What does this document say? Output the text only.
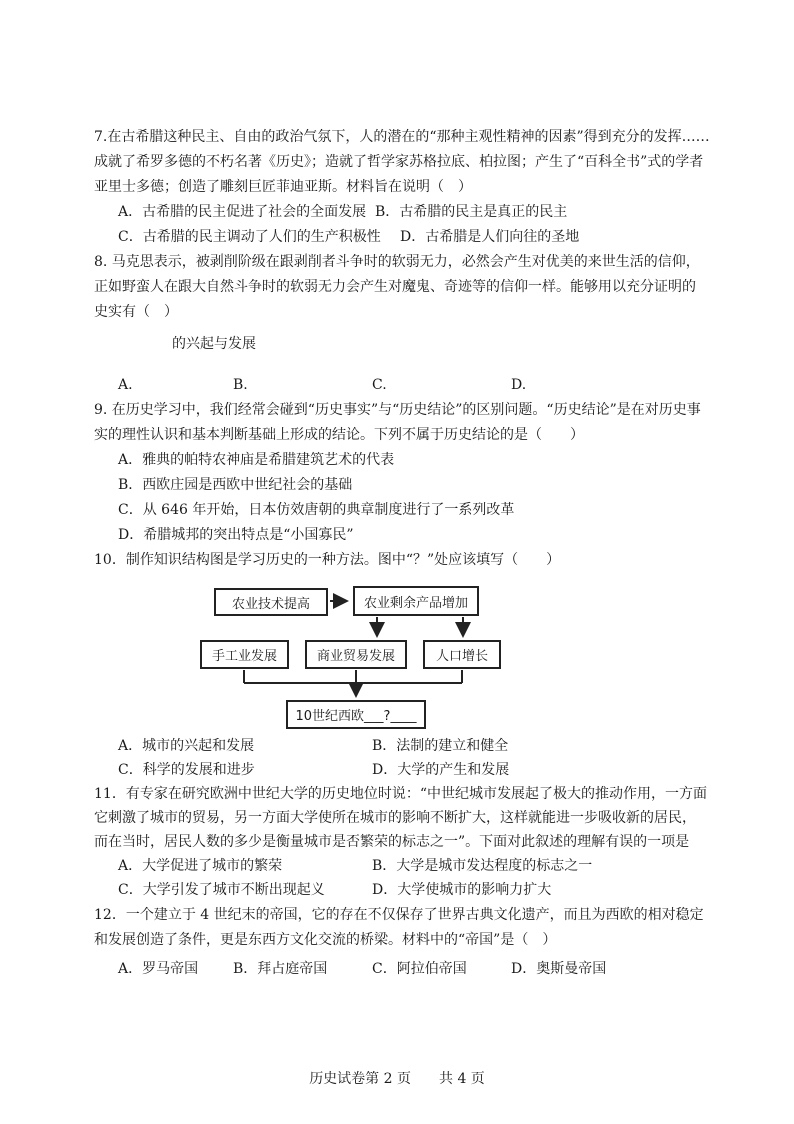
7.在古希腊这种民主、自由的政治气氛下，人的潜在的“那种主观性精神的因素”得到充分的发挥……
成就了希罗多德的不朽名著《历史》；造就了哲学家苏格拉底、柏拉图；产生了“百科全书”式的学者
亚里士多德；创造了雕刻巨匠菲迪亚斯。材料旨在说明（　）
A．古希腊的民主促进了社会的全面发展 B．古希腊的民主是真正的民主
C．古希腊的民主调动了人们的生产积极性 D．古希腊是人们向往的圣地
8. 马克思表示，被剥削阶级在跟剥削者斗争时的软弱无力，必然会产生对优美的来世生活的信仰，
正如野蛮人在跟大自然斗争时的软弱无力会产生对魔鬼、奇迹等的信仰一样。能够用以充分证明的
史实有（　）
的兴起与发展
A.	B.	C.	D.
9. 在历史学习中，我们经常会碰到“历史事实”与“历史结论”的区别问题。“历史结论”是在对历史事
实的理性认识和基本判断基础上形成的结论。下列不属于历史结论的是（　　）
A．雅典的帕特农神庙是希腊建筑艺术的代表
B．西欧庄园是西欧中世纪社会的基础
C．从 646 年开始，日本仿效唐朝的典章制度进行了一系列改革
D．希腊城邦的突出特点是“小国寡民”
10．制作知识结构图是学习历史的一种方法。图中“？”处应该填写（　　）
农业技术提高	农业剩余产品增加
手工业发展	商业贸易发展	人口增长
10世纪西欧___?____
A．城市的兴起和发展	B．法制的建立和健全
C．科学的发展和进步	D．大学的产生和发展
11．有专家在研究欧洲中世纪大学的历史地位时说：“中世纪城市发展起了极大的推动作用，一方面
它刺激了城市的贸易，另一方面大学使所在城市的影响不断扩大，这样就能进一步吸收新的居民，
而在当时，居民人数的多少是衡量城市是否繁荣的标志之一”。下面对此叙述的理解有误的一项是
A．大学促进了城市的繁荣	B．大学是城市发达程度的标志之一
C．大学引发了城市不断出现起义	D．大学使城市的影响力扩大
12．一个建立于 4 世纪末的帝国，它的存在不仅保存了世界古典文化遗产，而且为西欧的相对稳定
和发展创造了条件，更是东西方文化交流的桥梁。材料中的“帝国”是（　）
A．罗马帝国 B．拜占庭帝国	C．阿拉伯帝国	D．奥斯曼帝国
历史试卷第 2 页　　共 4 页
